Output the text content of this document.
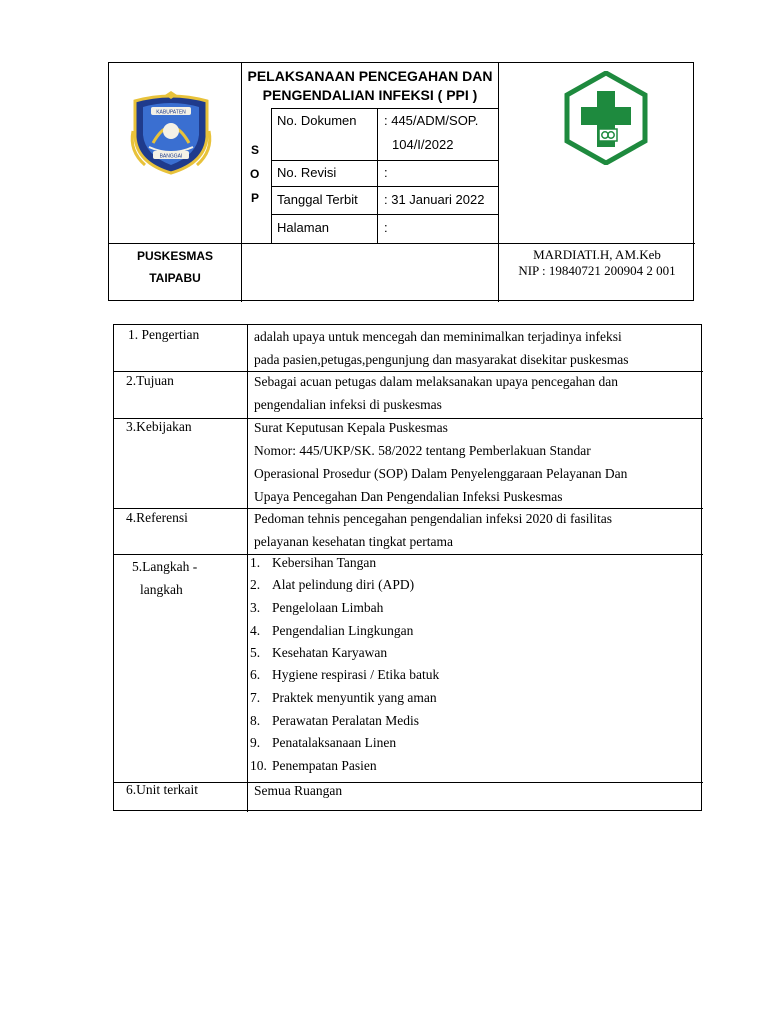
KABUPATEN
BANGGAI
PELAKSANAAN PENCEGAHAN DAN
PENGENDALIAN INFEKSI ( PPI )
S
O
P
No. Dokumen : 445/ADM/SOP.
104/I/2022
No. Revisi	:
Tanggal Terbit : 31 Januari 2022
Halaman	:
PUSKESMAS
TAIPABU
MARDIATI.H, AM.Keb
NIP : 19840721 200904 2 001
1. Pengertian	adalah upaya untuk mencegah dan meminimalkan terjadinya infeksi
pada pasien,petugas,pengunjung dan masyarakat disekitar puskesmas
2.Tujuan	Sebagai acuan petugas dalam melaksanakan upaya pencegahan dan
pengendalian infeksi di puskesmas
3.Kebijakan	Surat Keputusan Kepala Puskesmas
Nomor: 445/UKP/SK. 58/2022 tentang Pemberlakuan Standar
Operasional Prosedur (SOP) Dalam Penyelenggaraan Pelayanan Dan
Upaya Pencegahan Dan Pengendalian Infeksi Puskesmas
4.Referensi	Pedoman tehnis pencegahan pengendalian infeksi 2020 di fasilitas
pelayanan kesehatan tingkat pertama
5.Langkah -
langkah
1. Kebersihan Tangan
2. Alat pelindung diri (APD)
3. Pengelolaan Limbah
4. Pengendalian Lingkungan
5. Kesehatan Karyawan
6. Hygiene respirasi / Etika batuk
7. Praktek menyuntik yang aman
8. Perawatan Peralatan Medis
9. Penatalaksanaan Linen
10. Penempatan Pasien
6.Unit terkait	Semua Ruangan
